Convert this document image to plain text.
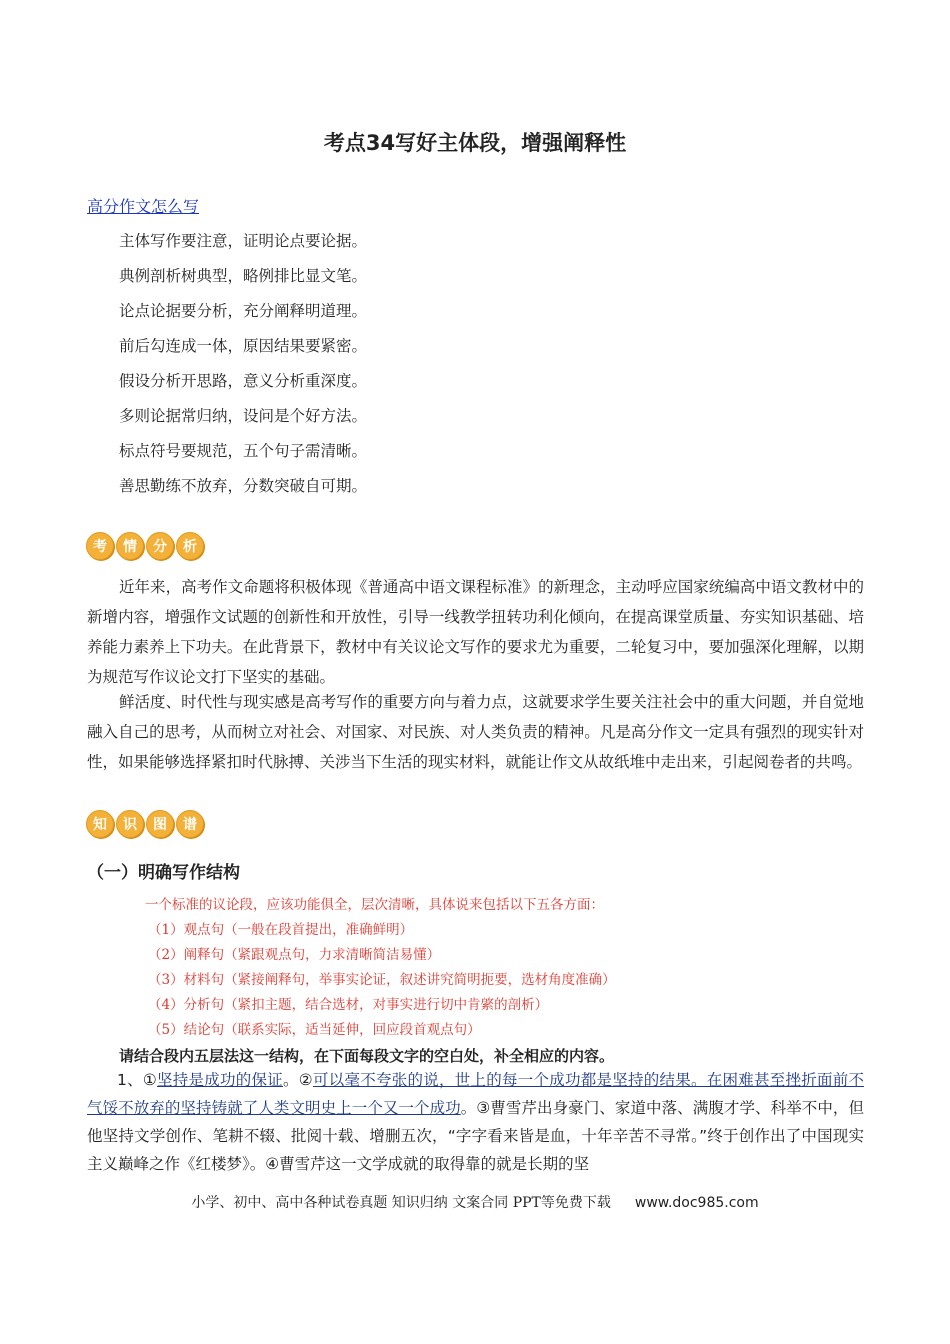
考点34写好主体段，增强阐释性
高分作文怎么写
主体写作要注意，证明论点要论据。
典例剖析树典型，略例排比显文笔。
论点论据要分析，充分阐释明道理。
前后勾连成一体，原因结果要紧密。
假设分析开思路，意义分析重深度。
多则论据常归纳，设问是个好方法。
标点符号要规范，五个句子需清晰。
善思勤练不放弃，分数突破自可期。
考	情	分	析
近年来，高考作文命题将积极体现《普通高中语文课程标准》的新理念，主动呼应国家统编高中语文教材中的新增内容，增强作文试题的创新性和开放性，引导一线教学扭转功利化倾向，在提高课堂质量、夯实知识基础、培养能力素养上下功夫。在此背景下，教材中有关议论文写作的要求尤为重要，二轮复习中，要加强深化理解，以期为规范写作议论文打下坚实的基础。
鲜活度、时代性与现实感是高考写作的重要方向与着力点，这就要求学生要关注社会中的重大问题，并自觉地融入自己的思考，从而树立对社会、对国家、对民族、对人类负责的精神。凡是高分作文一定具有强烈的现实针对性，如果能够选择紧扣时代脉搏、关涉当下生活的现实材料，就能让作文从故纸堆中走出来，引起阅卷者的共鸣。
知	识	图	谱
（一）明确写作结构
一个标准的议论段，应该功能俱全，层次清晰，具体说来包括以下五各方面：
（1）观点句（一般在段首提出，准确鲜明）
（2）阐释句（紧跟观点句，力求清晰简洁易懂）
（3）材料句（紧接阐释句，举事实论证，叙述讲究简明扼要，选材角度准确）
（4）分析句（紧扣主题，结合选材，对事实进行切中肯綮的剖析）
（5）结论句（联系实际，适当延伸，回应段首观点句）
请结合段内五层法这一结构，在下面每段文字的空白处，补全相应的内容。
1、①坚持是成功的保证。②可以毫不夸张的说，世上的每一个成功都是坚持的结果。在困难甚至挫折面前不气馁不放弃的坚持铸就了人类文明史上一个又一个成功。③曹雪芹出身豪门、家道中落、满腹才学、科举不中，但他坚持文学创作、笔耕不辍、批阅十载、增删五次，“字字看来皆是血，十年辛苦不寻常。”终于创作出了中国现实主义巅峰之作《红楼梦》。④曹雪芹这一文学成就的取得靠的就是长期的坚
小学、初中、高中各种试卷真题 知识归纳 文案合同 PPT等免费下载 www.doc985.com
